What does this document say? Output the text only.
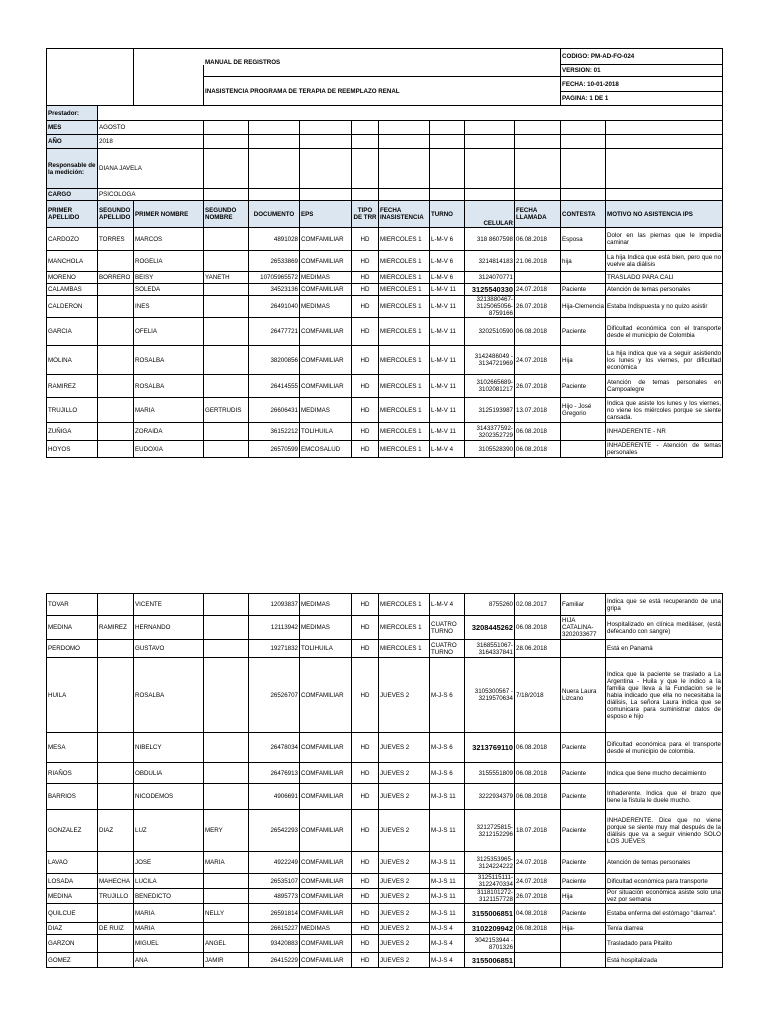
			MANUAL DE REGISTROS								CODIGO: PM-AD-FO-024	
											VERSION: 01	
			INASISTENCIA PROGRAMA DE TERAPIA DE REEMPLAZO RENAL								FECHA: 10-01-2018	
											PAGINA: 1 DE 1	
Prestador:												
MES	AGOSTO											
AÑO	2018											
Responsable de la medición:	DIANA JAVELA											
CARGO	PSICOLOGA											
PRIMER APELLIDO	SEGUNDO APELLIDO	PRIMER NOMBRE	SEGUNDO NOMBRE	DOCUMENTO	EPS	TIPO DE TRR	FECHA INASISTENCIA	TURNO	CELULAR	FECHA LLAMADA	CONTESTA	MOTIVO NO ASISTENCIA IPS
CARDOZO	TORRES	MARCOS		4891028	COMFAMILIAR	HD	MIERCOLES 1	L-M-V 6	318 8607598	06.08.2018	Esposa	Dolor en las piernas que le impedia caminar
MANCHOLA		ROGELIA		26533869	COMFAMILIAR	HD	MIERCOLES 1	L-M-V 6	3214814183	21.06.2018	hija	La hija Indica que está bien, pero que no vuelve ala diálisis
MORENO	BORRERO	BEISY	YANETH	10705965572	MEDIMAS	HD	MIERCOLES 1	L-M-V 6	3124070771			TRASLADO PARA CALI
CALAMBAS		SOLEDA		34523136	COMFAMILIAR	HD	MIERCOLES 1	L-M-V 11	3125540330	24.07.2018	Paciente	Atención de temas personales
CALDERON		INES		26491040	MEDIMAS	HD	MIERCOLES 1	L-M-V 11	3213880467-3125065056-8759166	26.07.2018	Hija-Clemencia	Estaba Indispuesta y no quizo asistir
GARCIA		OFELIA		26477721	COMFAMILIAR	HD	MIERCOLES 1	L-M-V 11	3202510590	06.08.2018	Paciente	Dificultad económica con el transporte desde el municipio de Colombia
MOLINA		ROSALBA		38200856	COMFAMILIAR	HD	MIERCOLES 1	L-M-V 11	3142486049 - 3134721969	24.07.2018	Hija	La hija indica que va a seguir asistiendo los lunes y los viernes, por dificultad económica
RAMIREZ		ROSALBA		26414555	COMFAMILIAR	HD	MIERCOLES 1	L-M-V 11	3102665689-3102081217	26.07.2018	Paciente	Atención de temas personales en Campoalegre
TRUJILLO		MARIA	GERTRUDIS	26606431	MEDIMAS	HD	MIERCOLES 1	L-M-V 11	3125193987	13.07.2018	Hijo - José Gregorio	Indica que asiste los lunes y los viernes, no viene los miércoles porque se siente cansada.
ZUÑIGA		ZORAIDA		36152212	TOLIHUILA	HD	MIERCOLES 1	L-M-V 11	3143377592-3202352729	06.08.2018		INHADERENTE - NR
HOYOS		EUDOXIA		26570599	EMCOSALUD	HD	MIERCOLES 1	L-M-V 4	3105528390	06.08.2018		INHADERENTE - Atención de temas personales
TOVAR		VICENTE		12093837	MEDIMAS	HD	MIERCOLES 1	L-M-V 4	8755260	02.08.2017	Familiar	Indica que se está recuperando de una gripa
MEDINA	RAMIREZ	HERNANDO		12113942	MEDIMAS	HD	MIERCOLES 1	CUATRO TURNO	3208445262	06.08.2018	HIJA CATALINA-3202033677	Hospitalizado en clínica mediláser, (está defecando con sangre)
PERDOMO		GUSTAVO		19271832	TOLIHUILA	HD	MIERCOLES 1	CUATRO TURNO	3168551067-3164337841	28.06.2018		Está en Panamá
HUILA		ROSALBA		26526707	COMFAMILIAR	HD	JUEVES 2	M-J-S 6	3105300567 - 3219570634	7/18/2018	Nuera Laura Lizcano	Indica que la paciente se traslado a La Argentina - Huila y que le indico a la familia que lleva a la Fundacion se le habia indicado que ella no necesitaba la diálisis, La señora Laura indica que se comunicara para suministrar datos de esposo e hijo
MESA		NIBELCY		26478034	COMFAMILIAR	HD	JUEVES 2	M-J-S 6	3213769110	06.08.2018	Paciente	Dificultad económica para el transporte desde el municipio de colombia.
RIAÑOS		OBDULIA		26476913	COMFAMILIAR	HD	JUEVES 2	M-J-S 6	3155551809	06.08.2018	Paciente	Indica que tiene mucho decaimiento
BARRIOS		NICODEMOS		4906691	COMFAMILIAR	HD	JUEVES 2	M-J-S 11	3222934379	06.08.2018	Paciente	Inhaderente. Indica que el brazo que tiene la fístula le duele mucho.
GONZALEZ	DIAZ	LUZ	MERY	26542293	COMFAMILIAR	HD	JUEVES 2	M-J-S 11	3212725815-3212152296	18.07.2018	Paciente	INHADERENTE. Dice que no viene porque se siente muy mal después de la diálisis que va a seguir viniendo SOLO LOS JUEVES
LAVAO		JOSE	MARIA	4922249	COMFAMILIAR	HD	JUEVES 2	M-J-S 11	3125353965-3124224222	24.07.2018	Paciente	Atención de temas personales
LOSADA	MAHECHA	LUCILA		26535107	COMFAMILIAR	HD	JUEVES 2	M-J-S 11	3125115111-3122470334	24.07.2018	Paciente	Dificultad económica para transporte
MEDINA	TRUJILLO	BENEDICTO		4895773	COMFAMILIAR	HD	JUEVES 2	M-J-S 11	3118101272-3121157728	26.07.2018	Hija	Por situación económica asiste solo una vez por semana
QUILCUE		MARIA	NELLY	26591814	COMFAMILIAR	HD	JUEVES 2	M-J-S 11	3155006851	04.08.2018	Paciente	Estaba enferma del estómago "diarrea".
DIAZ	DE RUIZ	MARIA		26615227	MEDIMAS	HD	JUEVES 2	M-J-S 4	3102209942	06.08.2018	Hija-	Tenía diarrea
GARZON		MIGUEL	ANGEL	93420883	COMFAMILIAR	HD	JUEVES 2	M-J-S 4	3042153944 - 8701326			Trasladado para Pitalito
GOMEZ		ANA	JAMIR	26415229	COMFAMILIAR	HD	JUEVES 2	M-J-S 4	3155006851			Está hospitalizada
